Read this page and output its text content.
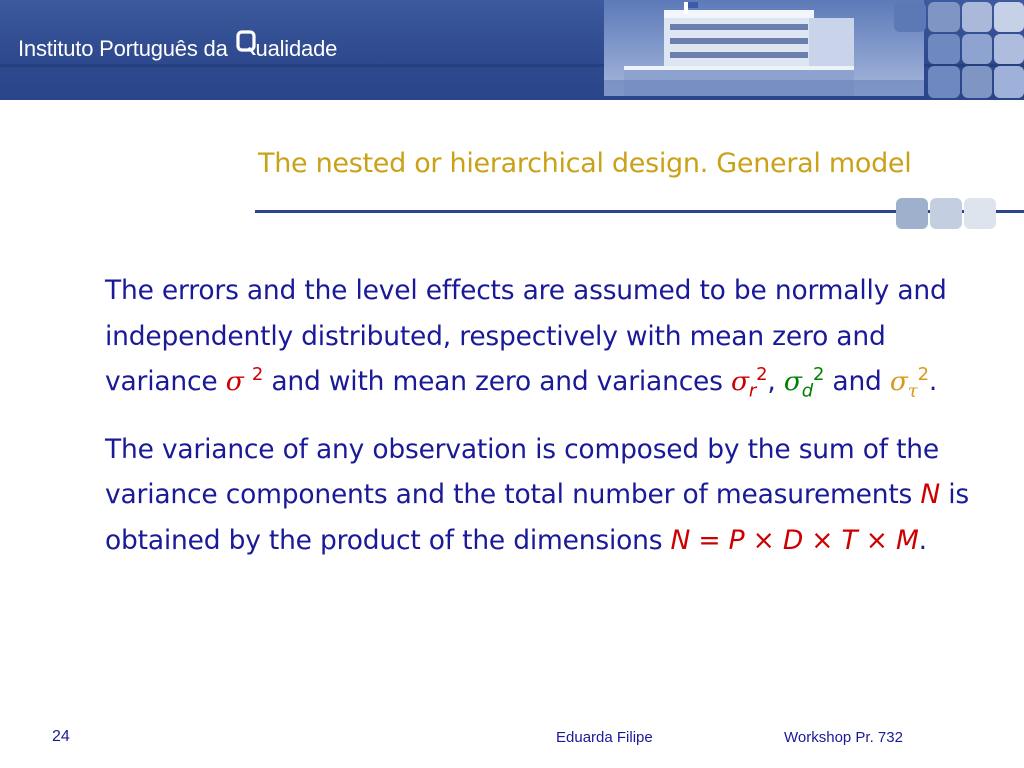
Instituto Português da ualidade
The nested or hierarchical design. General model

The errors and the level effects are assumed to be normally and independently distributed, respectively with mean zero and variance σ $^2$ and with mean zero and variances $\sigma_r^2$, $\sigma_d^2$ and $\sigma_\tau^2$.

The variance of any observation is composed by the sum of the variance components and the total number of measurements N is obtained by the product of the dimensions N = P × D × T × M.

24	Eduarda Filipe	Workshop Pr. 732
